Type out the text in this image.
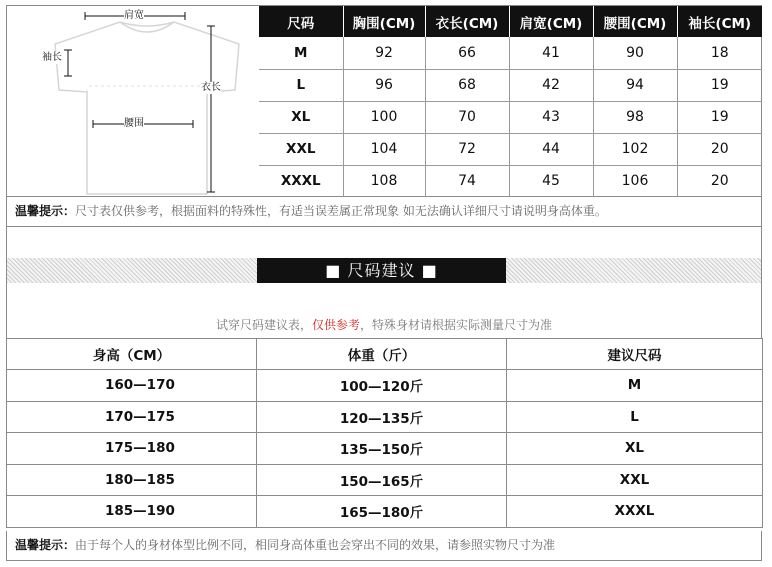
肩宽
袖长
衣长
腰围
尺码	胸围(CM)	衣长(CM)	肩宽(CM)	腰围(CM)	袖长(CM)
M	92	66	41	90	18
L	96	68	42	94	19
XL	100	70	43	98	19
XXL	104	72	44	102	20
XXXL	108	74	45	106	20
温馨提示：尺寸表仅供参考，根据面料的特殊性，有适当误差属正常现象 如无法确认详细尺寸请说明身高体重。
■ 尺码建议 ■
试穿尺码建议表，仅供参考，特殊身材请根据实际测量尺寸为准
身高（CM）	体重（斤）	建议尺码
160—170	100—120斤	M
170—175	120—135斤	L
175—180	135—150斤	XL
180—185	150—165斤	XXL
185—190	165—180斤	XXXL
温馨提示：由于每个人的身材体型比例不同，相同身高体重也会穿出不同的效果，请参照实物尺寸为准
